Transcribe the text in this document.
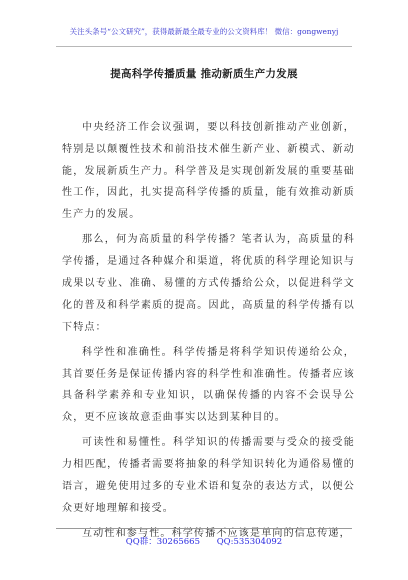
关注头条号“公文研究”，获得最新最全最专业的公文资料库！ 微信：gongwenyj
提高科学传播质量 推动新质生产力发展

中央经济工作会议强调，要以科技创新推动产业创新，特别是以颠覆性技术和前沿技术催生新产业、新模式、新动能，发展新质生产力。科学普及是实现创新发展的重要基础性工作，因此，扎实提高科学传播的质量，能有效推动新质生产力的发展。

那么，何为高质量的科学传播？笔者认为，高质量的科学传播，是通过各种媒介和渠道，将优质的科学理论知识与成果以专业、准确、易懂的方式传播给公众，以促进科学文化的普及和科学素质的提高。因此，高质量的科学传播有以下特点：

科学性和准确性。科学传播是将科学知识传递给公众，其首要任务是保证传播内容的科学性和准确性。传播者应该具备科学素养和专业知识，以确保传播的内容不会误导公众，更不应该故意歪曲事实以达到某种目的。

可读性和易懂性。科学知识的传播需要与受众的接受能力相匹配，传播者需要将抽象的科学知识转化为通俗易懂的语言，避免使用过多的专业术语和复杂的表达方式，以便公众更好地理解和接受。

互动性和参与性。科学传播不应该是单向的信息传递，

QQ群：30265665 QQ:535304092
